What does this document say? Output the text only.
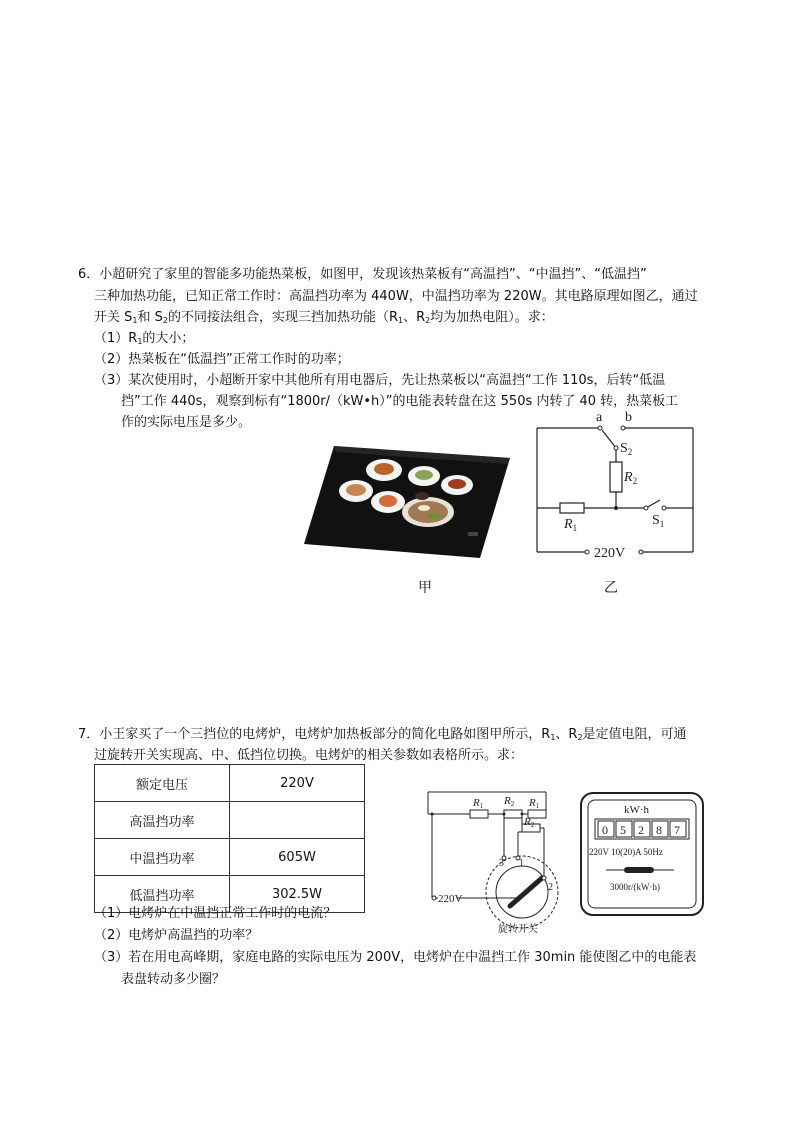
6．小超研究了家里的智能多功能热菜板，如图甲，发现该热菜板有“高温挡”、“中温挡”、“低温挡”
三种加热功能，已知正常工作时：高温挡功率为 440W，中温挡功率为 220W。其电路原理如图乙，通过
开关 $S_1$和 $S_2$的不同接法组合，实现三挡加热功能（$R_1$、$R_2$均为加热电阻）。求：
$(1)R_1$的大小；
（2）热菜板在“低温挡”正常工作时的功率；
（3）某次使用时，小超断开家中其他所有用电器后，先让热菜板以“高温挡“工作 110s，后转“低温
挡”工作 440s，观察到标有“1800r/（kW•h）”的电能表转盘在这 550s 内转了 40 转，热菜板工
作的实际电压是多少。
甲
a b
$S_2$
$R_2$
$R_1$	$S_1$
220V
乙
7．小王家买了一个三挡位的电烤炉，电烤炉加热板部分的简化电路如图甲所示，$R_1$、$R_2$是定值电阻，可通
过旋转开关实现高、中、低挡位切换。电烤炉的相关参数如表格所示。求：
额定电压	220V
高温挡功率	
中温挡功率	605W
低温挡功率	302.5W
R1 R2 R1
R2
3 1
2
220V
旋转开关
kW·h
0 5 2 8 7
220V 10(20)A 50Hz
3000r/(kW·h)
（1）电烤炉在中温挡正常工作时的电流？
（2）电烤炉高温挡的功率？
（3）若在用电高峰期，家庭电路的实际电压为 200V，电烤炉在中温挡工作 30min 能使图乙中的电能表
表盘转动多少圈？
